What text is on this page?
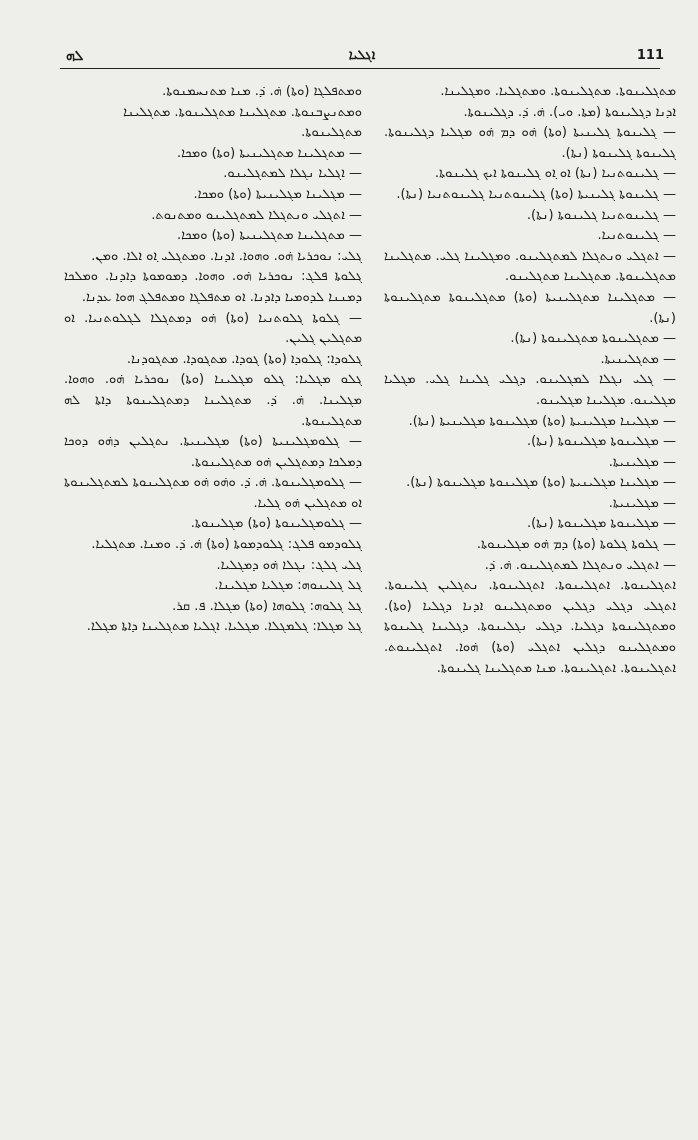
ܠܗ	ܐܓܠܝܐ	111

ܡܬܓܠܝܢܘܬܐ. ܡܬܓܠܝܢܘܬܐ. ܘܡܬܓܠܝܐ. ܘܡܓܠܝܢܐ.

ܐܕܢܐ ܕܓܠܝܢܘܬܐ (ܡܬܐ. ܘܝ). ܗ݁. ܕ݁. ܕܓܠܝܢܘܬܐ.

— ܓܠܝܢܘܬܐ ܓܠܝܢܝܬܐ (ܘܬܐ) ܗ݁ܘ ܕܡ ܗ݁ܘ ܡܓܠܝܐ ܕܓܠܝܢܘܬܐ. ܓܠܝܢܘܬܐ ܓܠܝܢܘܬܐ (ܢܬܐ).

— ܓܠܝܢܘܬܢܝܐ (ܢܬܐ) ܐܘ ܐ݂ܘ ܓܠܝܢܘܬܐ ܐܝܟ ܓܠܝܢܘܬܐ.

— ܓܠܝܢܘܬܐ ܓܠܝܢܝܬܐ (ܘܬܐ) ܓܠܝܢܘܬܢܝܐ ܓܠܝܢܘܬܢܝܐ (ܢܬܐ).

— ܓܠܝܢܘܬܢܝܐ ܓܠܝܢܘܬܐ (ܢܬܐ).

— ܓܠܝܢܘܬܢܝܐ.

— ܐܬܓܠܝ ܘܢܬܓܠܐ ܠܡܬܓܠܝܢܘ. ܘܡܓܠܝܢܐ ܓܠܝ. ܡܬܓܠܝܢܐ ܡܬܓܠܝܢܘܬܐ. ܡܬܓܠܝܢܐ ܡܬܓܠܝܢܘ.

— ܡܬܓܠܝܢܐ ܡܬܓܠܝܢܝܬܐ (ܘܬܐ) ܡܬܓܠܝܢܘܬܐ ܡܬܓܠܝܢܘܬܐ (ܢܬܐ).

— ܡܬܓܠܝܢܘܬܐ ܡܬܓܠܝܢܘܬܐ (ܢܬܐ).

— ܡܬܓܠܝܢܝܬܐ.

— ܓܠܝ ܢܓܠܐ ܠܡܓܠܝܢܘ. ܕܓܠܝ ܓܠܝܢܐ ܓܠܝ. ܡܓܠܝܐ ܡܓܠܝܢܘ. ܡܓܠܝܢܐ ܡܓܠܝܢܘ.

— ܡܓܠܝܢܐ ܡܓܠܝܢܝܬܐ (ܘܬܐ) ܡܓܠܝܢܘܬܐ ܡܓܠܝܢܝܬܐ (ܢܬܐ).

— ܡܓܠܝܢܘܬܐ ܡܓܠܝܢܘܬܐ (ܢܬܐ).

— ܡܓܠܝܢܝܬܐ.

— ܡܓܠܝܢܐ ܡܓܠܝܢܝܬܐ (ܘܬܐ) ܡܓܠܝܢܘܬܐ ܡܓܠܝܢܘܬܐ (ܢܬܐ).

— ܡܓܠܝܢܝܬܐ.

— ܡܓܠܝܢܘܬܐ ܡܓܠܝܢܘܬܐ (ܢܬܐ).

— ܓܠܘܬܐ ܓܠܘܬܐ (ܘܬܐ) ܕܡ ܗ݁ܘ ܡܓܠܝܢܘܬܐ.

— ܐܬܓܠܝ ܘܢܬܓܠܐ ܠܡܬܓܠܝܢܘ. ܗ݁. ܕ݁.

ܐܬܓܠܝܢܘܬܐ. ܐܬܓܠܝܢܘܬܐ. ܐܬܓܠܝܢܘܬܐ. ܢܬܓܠܝܢ ܓܠܝܢܘܬܐ. ܐܬܓܠܝ ܕܓܠܝ ܕܓܠܝܢ ܘܡܬܓܠܝܢܘ ܐܕܢܐ ܕܓܠܝܐ (ܘܬܐ). ܘܡܬܓܠܝܢܘܬܐ ܕܓܠܝܐ. ܕܓܠܝ ܢܓܠܝܢܘܬܐ. ܕܓܠܝܢܐ ܓܠܝܢܘܬܐ ܘܡܬܓܠܝܢܘ ܕܓܠܝܢ ܐܬܓܠܝ (ܘܬܐ) ܗ݁ܘܐ. ܐܬܓܠܝܢܘܬ. ܐܬܓܠܝܢܘܬܐ. ܐܬܓܠܝܢܘܬܐ. ܡܢܐ ܡܬܓܠܝܢܐ ܓܠܝܢܘܬܐ.

ܘܡܬܦܠܓܐ (ܘܬܐ) ܗ݁. ܕ݁. ܡܢܐ ܡܬܢܚܡܢܘܬܐ.

ܘܡܬܢܨܒܢܘܬܐ. ܡܬܓܠܝܢܐ ܡܬܓܠܝܢܘܬܐ. ܡܬܓܠܝܢܐ

ܡܬܓܠܝܢܘܬܐ.

— ܡܬܓܠܝܢܐ ܡܬܓܠܝܢܝܬܐ (ܘܬܐ) ܘܡܟܐ.

— ܐܓܠܝܐ ܢܓܠܐ ܠܡܬܓܠܝܢܘ.

— ܡܓܠܝܢܐ ܡܓܠܝܢܝܬܐ (ܘܬܐ) ܘܡܟܐ.

— ܐܬܓܠܝ ܘܢܬܓܠܐ ܠܡܬܓܠܝܢܘ ܘܡܬܢܘܬ.

— ܡܬܓܠܝܢܐ ܡܬܓܠܝܢܝܬܐ (ܘܬܐ) ܘܡܟܐ.

ܓܠܝ: ܢܘܟܪܝܐ ܗ݁ܘ. ܘܗܘܐ. ܐܕܢܐ. ܘܡܬܓܠܝ ܐ݂ܘ ܐܠܐ. ܘܡܢ.

ܓܠܘܬܐ ܦܠܓ: ܢܘܟܪܝܐ ܗ݁ܘ. ܘܗܘܐ. ܕܡܘܡܘܬܐ ܕܐܕܢܐ. ܘܡܠܟܐ ܕܡܢܢܐ ܠܕܘܡܝܐ ܕܐܕܢܐ. ܐܘ ܡܬܦܠܓܐ ܘܡܬܦܠܓ ܗܘܐ ܥܕܢܐ.

— ܓܠܘܬܐ ܓܠܘܬܢܝܐ (ܘܬܐ) ܗ݁ܘ ܕܡܬܓܠܐ ܠܓܠܘܬܢܝܐ. ܐܘ ܡܬܓܠܝܢ ܓܠܝܢ.

ܓܠܘܕܐ: ܓܠܘܕܐ (ܘܬܐ) ܓܘܕܐ. ܡܬܓܘܕܐ. ܡܬܓܘܕܢܐ.

ܓܠܘ ܡܓܠܝܐ: ܓܠܘ ܡܓܠܝܢܐ (ܘܬܐ) ܢܘܟܪܝܐ ܗ݁ܘ. ܘܗܘܐ. ܡܓܠܝܢܐ. ܗ݁. ܕ݁. ܡܬܓܠܝܢܐ ܕܡܬܓܠܝܢܘܬܐ ܕܐܬܐ ܠܗ ܡܬܓܠܝܢܘܬܐ.

— ܓܠܘܡܓܠܝܢܝܬܐ (ܘܬܐ) ܡܓܠܝܢܝܬܐ. ܢܬܓܠܝܢ ܕܗ݁ܘ ܕܘܟܐ ܕܡܠܟܐ ܕܡܬܓܠܝܢ ܗ݁ܘ ܡܬܓܠܝܢܘܬܐ.

— ܓܠܘܡܓܠܝܢܘܬܐ. ܗ݁. ܕ݁. ܘܗ݁ܘ ܗ݁ܘ ܡܬܓܠܝܢܘܬܐ ܠܡܬܓܠܝܢܘܬܐ ܐܘ ܡܬܓܠܝܢ ܗ݁ܘ ܓܠܝܐ.

— ܓܠܘܡܓܠܝܢܘܬܐ (ܘܬܐ) ܡܓܠܝܢܘܬܐ.

ܓܠܘܕܡܘ ܦܠܓ: ܓܠܘܕܡܘܬܐ (ܘܬܐ) ܗ݁. ܕ݁. ܘܡܢܐ. ܡܬܓܠܝܐ.

ܓܠܝ ܓܠܓ: ܢܓܠܐ ܗ݁ܘ ܕܡܓܠܝܐ.

ܓܠ ܓܠܝܢܘܗ: ܡܓܠܝܐ ܡܓܠܝܢܐ.

ܓܠ ܓܠܘܗ: ܓܠܘܗܐ (ܘܬܐ) ܡܓܠܐ. ܦ. ܩܪ.

ܓܠ ܡܓܠܐ: ܓܠܡܓܠܐ. ܡܓܠܝܐ. ܐܓܠܝܐ ܡܬܓܠܝܢܐ ܕܐܬܐ ܡܓܠܐ.
